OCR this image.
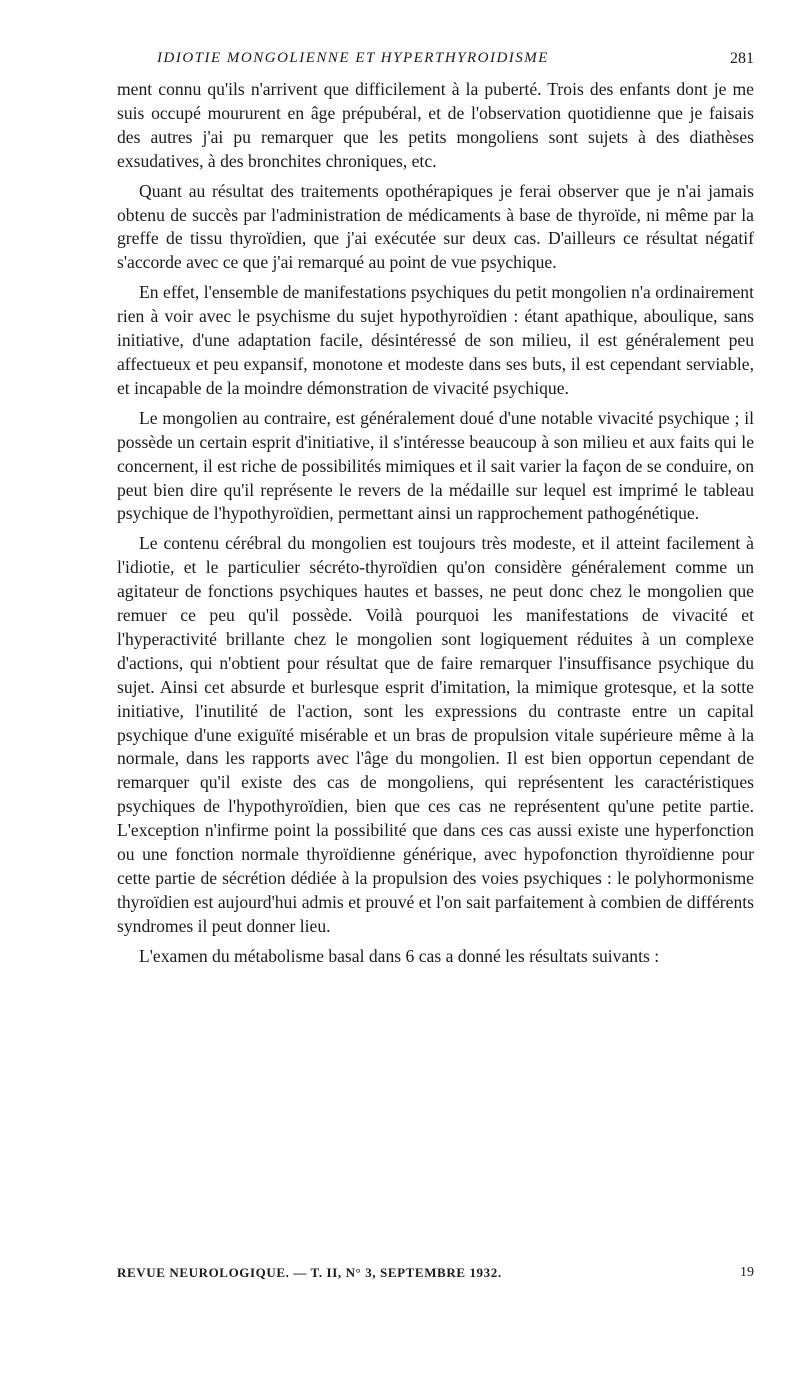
IDIOTIE MONGOLIENNE ET HYPERTHYROIDISME	281

ment connu qu'ils n'arrivent que difficilement à la puberté. Trois des enfants dont je me suis occupé moururent en âge prépubéral, et de l'observation quotidienne que je faisais des autres j'ai pu remarquer que les petits mongoliens sont sujets à des diathèses exsudatives, à des bronchites chroniques, etc.

Quant au résultat des traitements opothérapiques je ferai observer que je n'ai jamais obtenu de succès par l'administration de médicaments à base de thyroïde, ni même par la greffe de tissu thyroïdien, que j'ai exécutée sur deux cas. D'ailleurs ce résultat négatif s'accorde avec ce que j'ai remarqué au point de vue psychique.

En effet, l'ensemble de manifestations psychiques du petit mongolien n'a ordinairement rien à voir avec le psychisme du sujet hypothyroïdien : étant apathique, aboulique, sans initiative, d'une adaptation facile, désintéressé de son milieu, il est généralement peu affectueux et peu expansif, monotone et modeste dans ses buts, il est cependant serviable, et incapable de la moindre démonstration de vivacité psychique.

Le mongolien au contraire, est généralement doué d'une notable vivacité psychique ; il possède un certain esprit d'initiative, il s'intéresse beaucoup à son milieu et aux faits qui le concernent, il est riche de possibilités mimiques et il sait varier la façon de se conduire, on peut bien dire qu'il représente le revers de la médaille sur lequel est imprimé le tableau psychique de l'hypothyroïdien, permettant ainsi un rapprochement pathogénétique.

Le contenu cérébral du mongolien est toujours très modeste, et il atteint facilement à l'idiotie, et le particulier sécréto-thyroïdien qu'on considère généralement comme un agitateur de fonctions psychiques hautes et basses, ne peut donc chez le mongolien que remuer ce peu qu'il possède. Voilà pourquoi les manifestations de vivacité et l'hyperactivité brillante chez le mongolien sont logiquement réduites à un complexe d'actions, qui n'obtient pour résultat que de faire remarquer l'insuffisance psychique du sujet. Ainsi cet absurde et burlesque esprit d'imitation, la mimique grotesque, et la sotte initiative, l'inutilité de l'action, sont les expressions du contraste entre un capital psychique d'une exiguïté misérable et un bras de propulsion vitale supérieure même à la normale, dans les rapports avec l'âge du mongolien. Il est bien opportun cependant de remarquer qu'il existe des cas de mongoliens, qui représentent les caractéristiques psychiques de l'hypothyroïdien, bien que ces cas ne représentent qu'une petite partie. L'exception n'infirme point la possibilité que dans ces cas aussi existe une hyperfonction ou une fonction normale thyroïdienne générique, avec hypofonction thyroïdienne pour cette partie de sécrétion dédiée à la propulsion des voies psychiques : le polyhormonisme thyroïdien est aujourd'hui admis et prouvé et l'on sait parfaitement à combien de différents syndromes il peut donner lieu.

L'examen du métabolisme basal dans 6 cas a donné les résultats suivants :

REVUE NEUROLOGIQUE. — T. II, N° 3, SEPTEMBRE 1932.	19
